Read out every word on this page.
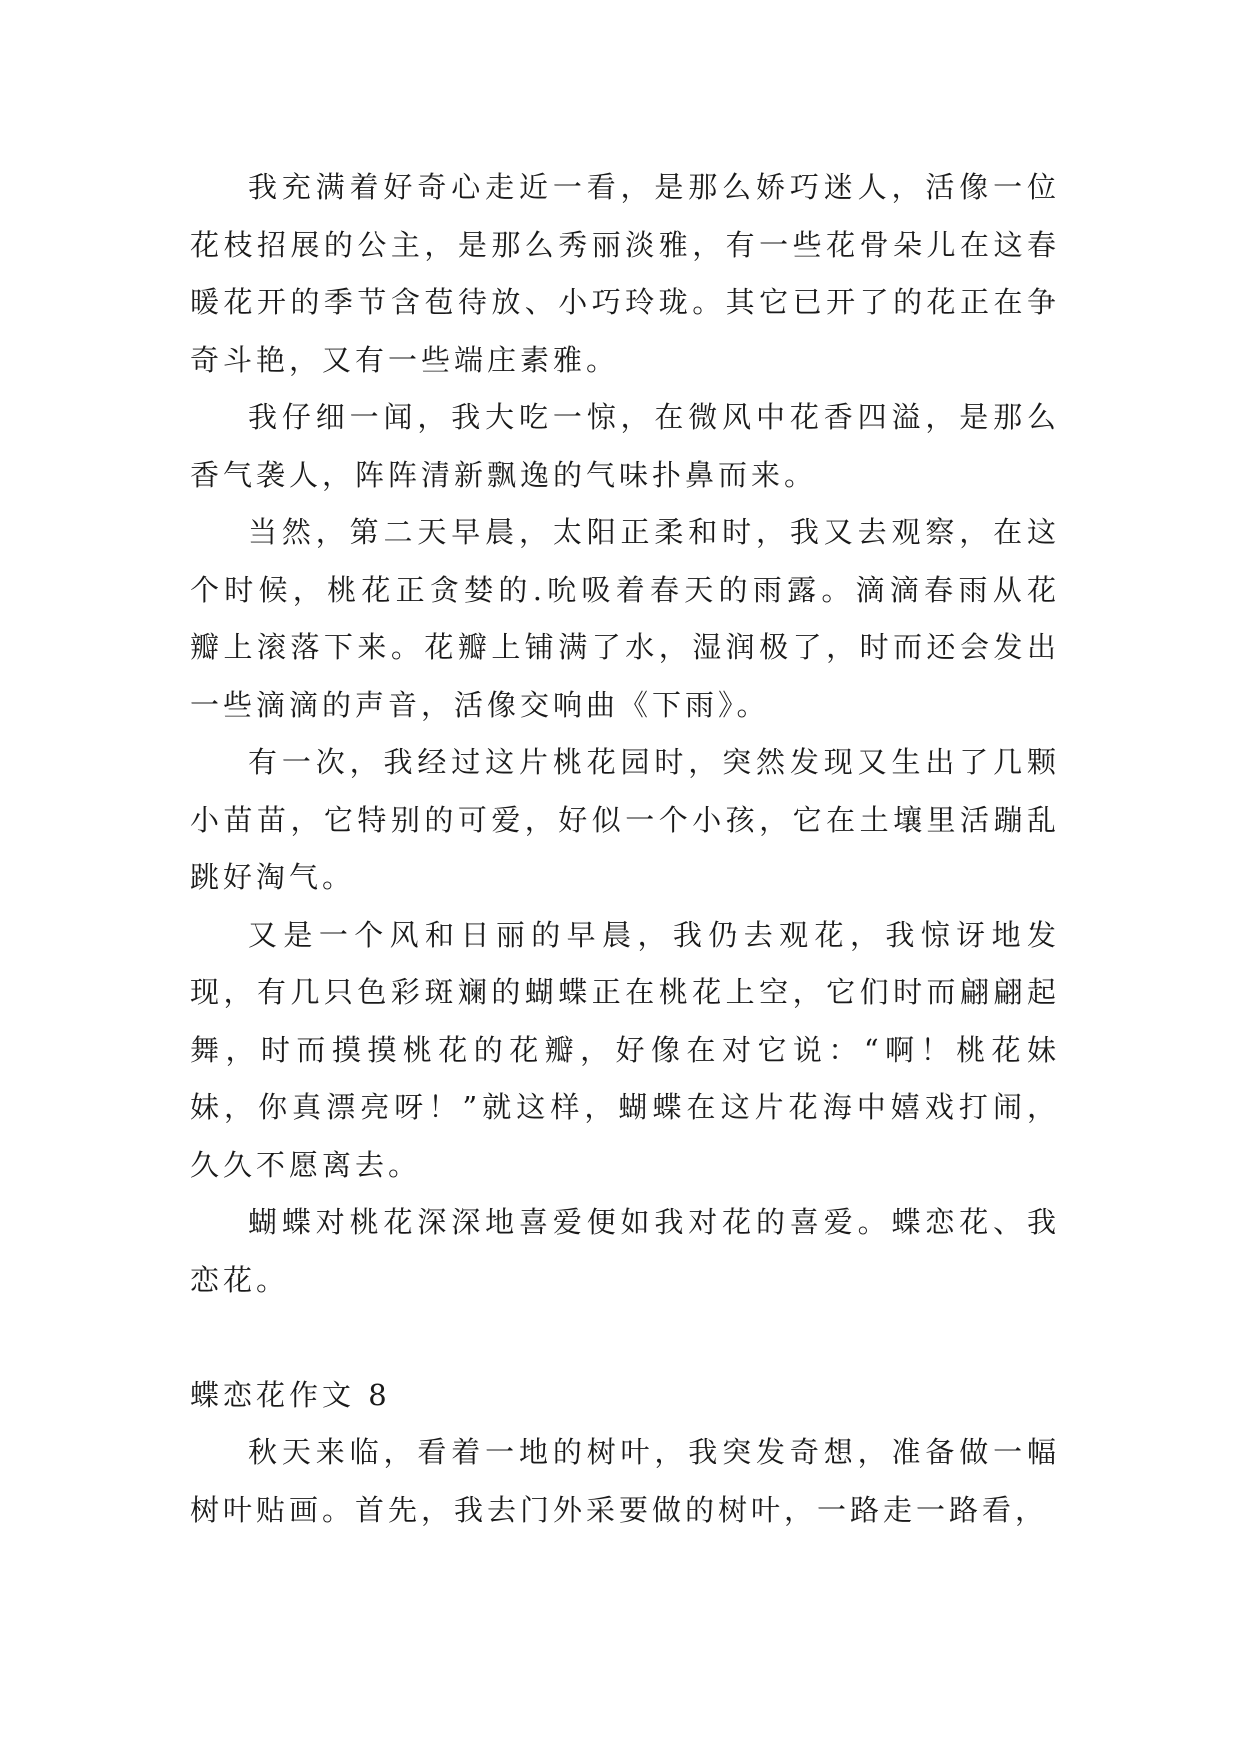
我充满着好奇心走近一看，是那么娇巧迷人，活像一位花枝招展的公主，是那么秀丽淡雅，有一些花骨朵儿在这春暖花开的季节含苞待放、小巧玲珑。其它已开了的花正在争奇斗艳，又有一些端庄素雅。

我仔细一闻，我大吃一惊，在微风中花香四溢，是那么香气袭人，阵阵清新飘逸的气味扑鼻而来。

当然，第二天早晨，太阳正柔和时，我又去观察，在这个时候，桃花正贪婪的.吮吸着春天的雨露。滴滴春雨从花瓣上滚落下来。花瓣上铺满了水，湿润极了，时而还会发出一些滴滴的声音，活像交响曲《下雨》。

有一次，我经过这片桃花园时，突然发现又生出了几颗小苗苗，它特别的可爱，好似一个小孩，它在土壤里活蹦乱跳好淘气。

又是一个风和日丽的早晨，我仍去观花，我惊讶地发现，有几只色彩斑斓的蝴蝶正在桃花上空，它们时而翩翩起舞，时而摸摸桃花的花瓣，好像在对它说：“啊！桃花妹妹，你真漂亮呀！”就这样，蝴蝶在这片花海中嬉戏打闹，久久不愿离去。

蝴蝶对桃花深深地喜爱便如我对花的喜爱。蝶恋花、我恋花。

蝶恋花作文 8

秋天来临，看着一地的树叶，我突发奇想，准备做一幅树叶贴画。首先，我去门外采要做的树叶，一路走一路看，
